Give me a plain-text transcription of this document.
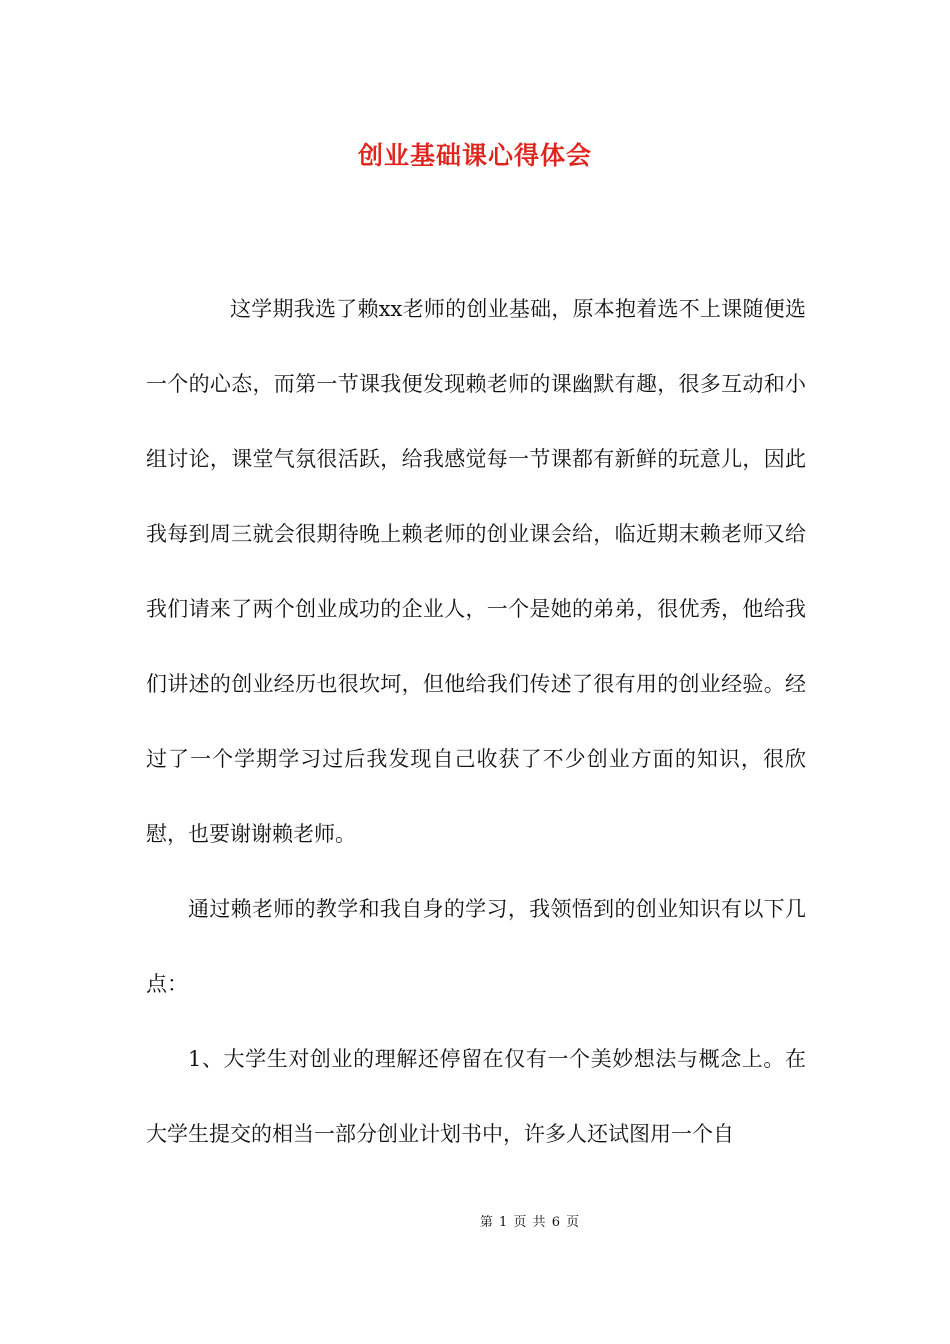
创业基础课心得体会

这学期我选了赖xx老师的创业基础，原本抱着选不上课随便选一个的心态，而第一节课我便发现赖老师的课幽默有趣，很多互动和小组讨论，课堂气氛很活跃，给我感觉每一节课都有新鲜的玩意儿，因此我每到周三就会很期待晚上赖老师的创业课会给，临近期末赖老师又给我们请来了两个创业成功的企业人，一个是她的弟弟，很优秀，他给我们讲述的创业经历也很坎坷，但他给我们传述了很有用的创业经验。经过了一个学期学习过后我发现自己收获了不少创业方面的知识，很欣慰，也要谢谢赖老师。

通过赖老师的教学和我自身的学习，我领悟到的创业知识有以下几点：

1、大学生对创业的理解还停留在仅有一个美妙想法与概念上。在大学生提交的相当一部分创业计划书中，许多人还试图用一个自

第 1 页 共 6 页
